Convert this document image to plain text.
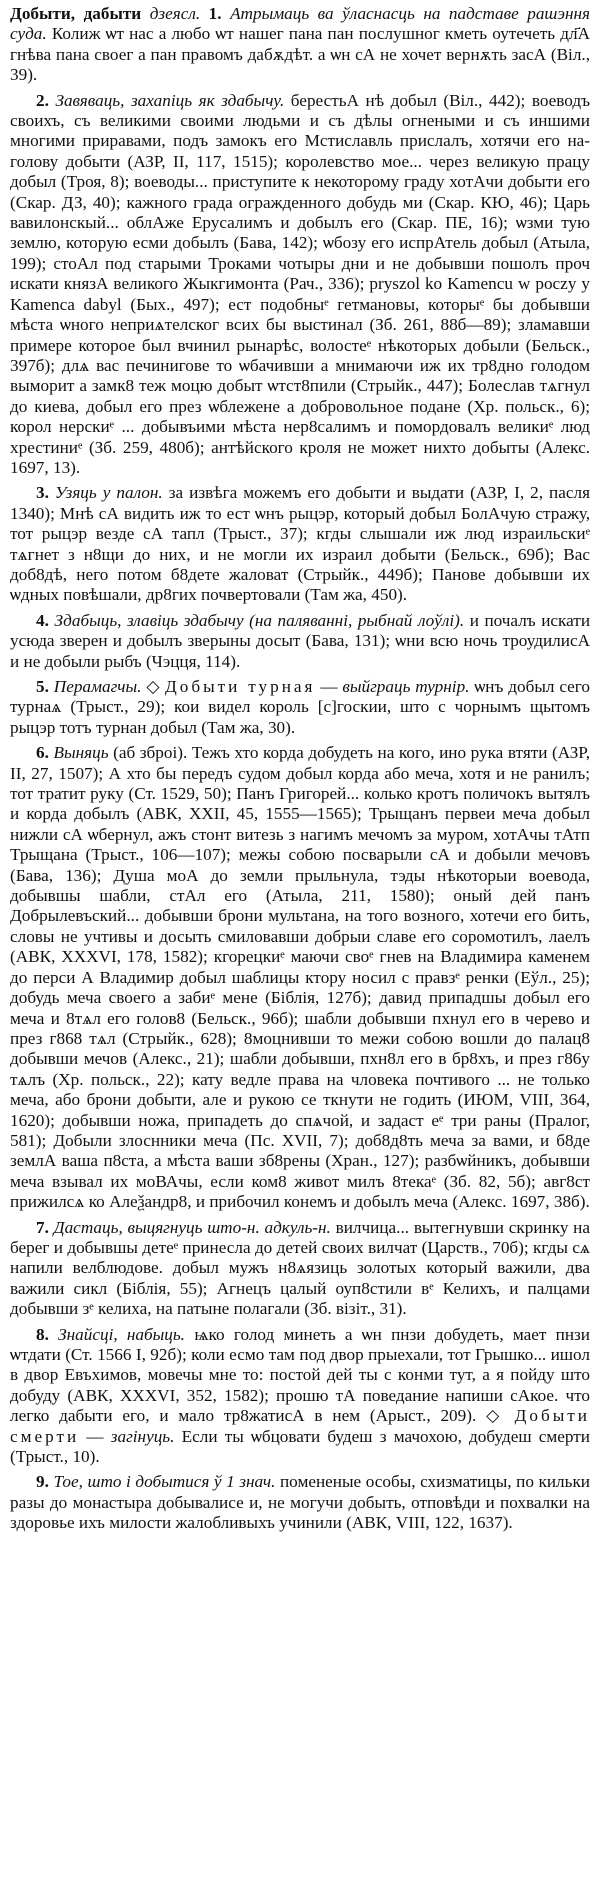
Добыти, дабыти дзеясл. 1. Атрымаць ва ўласнасць на падставе рашэння суда. Колиж ѡт нас а любо ѡт нашег пана пан послушног кметь оутечеть дл҃А гнѣва пана своег а пан правомъ дабѫдѣт. а ѡн сА не хочет вернѫть засА (Віл., 39).

2. Завяваць, захапіць як здабычу. берестьА нѣ добыл (Віл., 442); воеводъ своихъ, съ великими своими людьми и съ дѣлы огнеными и съ иншими многими приравами, подъ замокъ его Мстиславль прислалъ, хотячи его на-голову добыти (АЗР, II, 117, 1515); королевство мое... через великую працу добыл (Троя, 8); воеводы... приступите к некоторому граду хотАчи добыти его (Скар. ДЗ, 40); кажного града огражденного добудь ми (Скар. КЮ, 46); Царь вавилонскый... облАже Ерусалимъ и добылъ его (Скар. ПЕ, 16); ѡзми тую землю, которую есми добылъ (Бава, 142); ѡбозу его испрАтель добыл (Атыла, 199); стоАл под старыми Троками чотыры дни и не добывши пошолъ проч искати князА великого Жыкгимонта (Рач., 336); pryszol ko Kamencu w poczy y Kamenca dabyl (Бых., 497); ест подобныᵉ гетмановы, которыᵉ бы добывши мѣста ѡного неприѧтелског всих бы выстинал (Зб. 261, 88б—89); зламавши примере которое был вчинил рынарѣс, волостеᵉ нѣкоторых добыли (Бельск., 397б); длѧ вас печинигове то ѡбачивши а мнимаючи иж их тр8дно голодом выморит а замк8 теж моцю добыт ѡтст8пили (Стрыйк., 447); Болеслав тѧгнул до киева, добыл его през ѡблежене а добровольное подане (Хр. польск., 6); корол нерскиᵉ ... добывъими мѣста нер8салимъ и помордовалъ великиᵉ люд хрестиниᵉ (Зб. 259, 480б); антѣйского кроля не может нихто добыты (Алекс. 1697, 13).

3. Узяць у палон. за извѣга можемъ его добыти и выдати (АЗР, I, 2, пасля 1340); Мнѣ сА видить иж то ест ѡнъ рыцэр, который добыл БолАчую стражу, тот рыцэр везде сА тапл (Трыст., 37); кгды слышали иж люд израильскиᵉ тѧгнет з н8щи до них, и не могли их израил добыти (Бельск., 69б); Вас доб8дѣ, него потом б8дете жаловат (Стрыйк., 449б); Панове добывши их ѡдных повѣшали, др8гих почвертовали (Там жа, 450).

4. Здабыць, злавіць здабычу (на паляванні, рыбнай лоўлі). и почалъ искати усюда зверен и добылъ зверыны досыт (Бава, 131); ѡни всю ночь троудилисА и не добыли рыбъ (Чэцця, 114).

5. Перамагчы. ◇ Добыти турная — выйграць турнір. ѡнъ добыл сего турнаѧ (Трыст., 29); кои видел король [с]госкии, што с чорнымъ щытомъ рыцэр тотъ турнан добыл (Там жа, 30).

6. Выняць (аб зброі). Тежъ хто корда добудеть на кого, ино рука втяти (АЗР, II, 27, 1507); А хто бы передъ судом добыл корда або меча, хотя и не ранилъ; тот тратит руку (Ст. 1529, 50); Панъ Григорей... колько кротъ поличокъ вытялъ и корда добылъ (АВК, XXII, 45, 1555—1565); Трыщанъ первеи меча добыл нижли сА ѡбернул, ажъ стонт витезь з нагимъ мечомъ за муром, хотАчы тАтп Трыщана (Трыст., 106—107); межы собою посварыли сА и добыли мечовъ (Бава, 136); Душа моА до земли прыльнула, тэды нѣкоторыи воеводa, добывшы шабли, стАл его (Атыла, 211, 1580); оный дей панъ Добрылевъский... добывши брони мультана, на того возного, хотечи его бить, словы не учтивы и досыть смиловавши добрыи славе его соромотилъ, лаелъ (АВК, XXXVI, 178, 1582); кгорецкиᵉ маючи своᵉ гнев на Владимира каменем до перси А Владимир добыл шаблицы ктору носил с правзᵉ ренки (Еўл., 25); добудь меча своего а забиᵉ мене (Біблія, 127б); давид припадшы добыл его меча и 8тѧл его голов8 (Бельск., 96б); шабли добывши пхнул его в черево и през г868 тѧл (Стрыйк., 628); 8моцнивши то межи собою вошли до палац8 добывши мечов (Алекс., 21); шабли добывши, пхн8л его в бр8хъ, и през г86у тѧлъ (Хр. польск., 22); кату ведле права на чловека почтивого ... не только меча, або брони добыти, але и рукою се ткнути не годить (ИЮМ, VIII, 364, 1620); добывши ножа, припадеть до спѧчой, и задаст еᵉ три раны (Пралог, 581); Добыли злоснники меча (Пс. XVII, 7); доб8д8ть меча за вами, и б8де землА ваша п8ста, а мѣста ваши зб8рены (Хран., 127); разбѡйникъ, добывши меча взывал их моВАчы, если ком8 живот милъ 8текаᵉ (Зб. 82, 5б); авг8ст прижилсѧ ко Алеѯандр8, и прибочил конемъ и добылъ меча (Алекс. 1697, 38б).

7. Дастаць, выцягнуць што-н. адкуль-н. вилчица... вытегнувши скринку на берег и добывшы детеᵉ принесла до детей своих вилчат (Царств., 70б); кгды сѧ напили велблюдове. добыл мужъ н8ѧязиць золотых который важили, два важили сикл (Біблія, 55); Агнецъ цалый оуп8стили вᵉ Келихъ, и палцами добывши зᵉ келиха, на патыне полагали (Зб. візіт., 31).

8. Знайсці, набыць. ѩко голод минеть а ѡн пнзи добудеть, мает пнзи ѡтдати (Ст. 1566 I, 92б); коли есмо там под двор прыехали, тот Грышко... ишол в двор Евъхимов, мовечы мне то: постой дей ты с конми тут, а я пойду што добуду (АВК, XXXVI, 352, 1582); прошю тА поведание напиши сАкое. что легко дабыти его, и мало тр8жатисА в нем (Арыст., 209). ◇ Добыти смерти — загінуць. Если ты ѡбцовати будеш з мачохою, добудеш смерти (Трыст., 10).

9. Тое, што і добытися ў 1 знач. помененые особы, схизматицы, по кильки разы до монастыра добывалисе и, не могучи добыть, отповѣди и похвалки на здоровье ихъ милости жалобливыхъ учинили (АВК, VIII, 122, 1637).
